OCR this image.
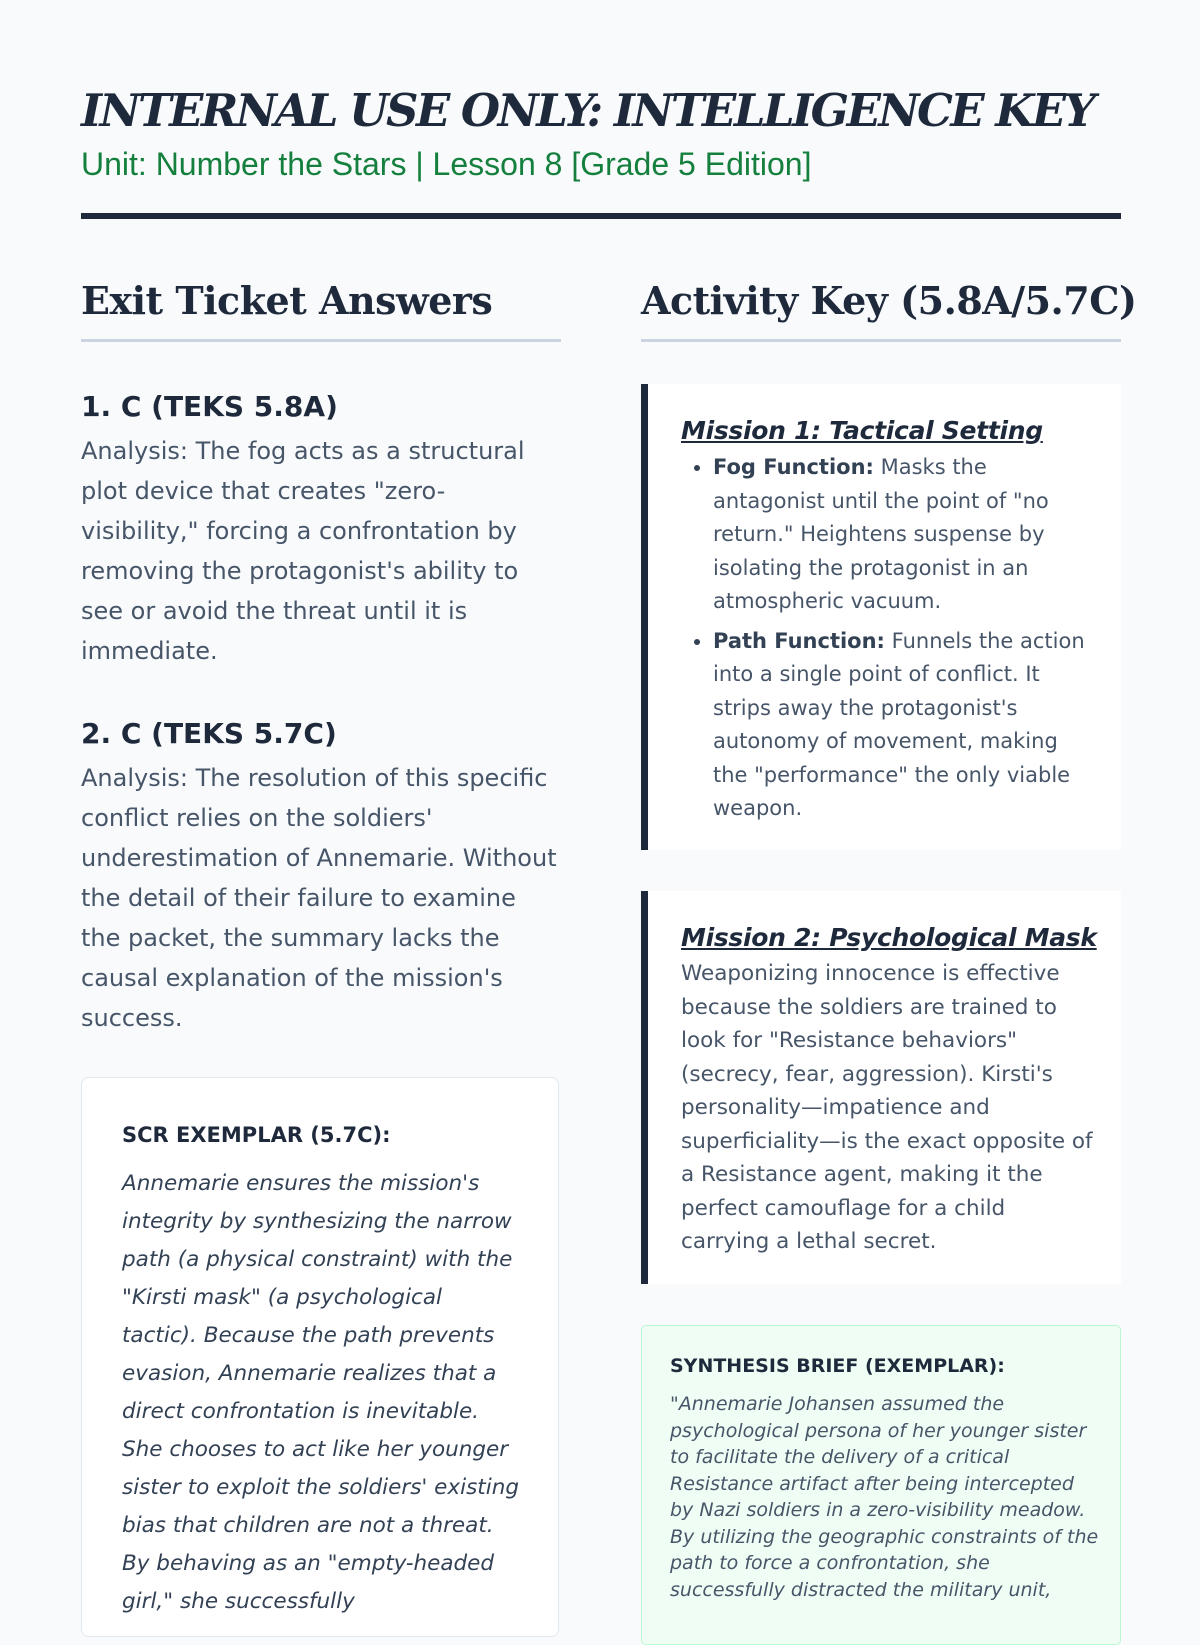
INTERNAL USE ONLY: INTELLIGENCE KEY
Unit: Number the Stars | Lesson 8 [Grade 5 Edition]
Exit Ticket Answers
1. C (TEKS 5.8A)

Analysis: The fog acts as a structural plot device that creates "zero-visibility," forcing a confrontation by removing the protagonist's ability to see or avoid the threat until it is immediate.

2. C (TEKS 5.7C)

Analysis: The resolution of this specific conflict relies on the soldiers' underestimation of Annemarie. Without the detail of their failure to examine the packet, the summary lacks the causal explanation of the mission's success.

SCR EXEMPLAR (5.7C):

Annemarie ensures the mission's integrity by synthesizing the narrow path (a physical constraint) with the "Kirsti mask" (a psychological tactic). Because the path prevents evasion, Annemarie realizes that a direct confrontation is inevitable. She chooses to act like her younger sister to exploit the soldiers' existing bias that children are not a threat. By behaving as an "empty-headed girl," she successfully

Activity Key (5.8A/5.7C)
Mission 1: Tactical Setting
• Fog Function: Masks the antagonist until the point of "no return." Heightens suspense by isolating the protagonist in an atmospheric vacuum.
• Path Function: Funnels the action into a single point of conflict. It strips away the protagonist's autonomy of movement, making the "performance" the only viable weapon.
Mission 2: Psychological Mask

Weaponizing innocence is effective because the soldiers are trained to look for "Resistance behaviors" (secrecy, fear, aggression). Kirsti's personality—impatience and superficiality—is the exact opposite of a Resistance agent, making it the perfect camouflage for a child carrying a lethal secret.

SYNTHESIS BRIEF (EXEMPLAR):

"Annemarie Johansen assumed the psychological persona of her younger sister to facilitate the delivery of a critical Resistance artifact after being intercepted by Nazi soldiers in a zero-visibility meadow. By utilizing the geographic constraints of the path to force a confrontation, she successfully distracted the military unit,
